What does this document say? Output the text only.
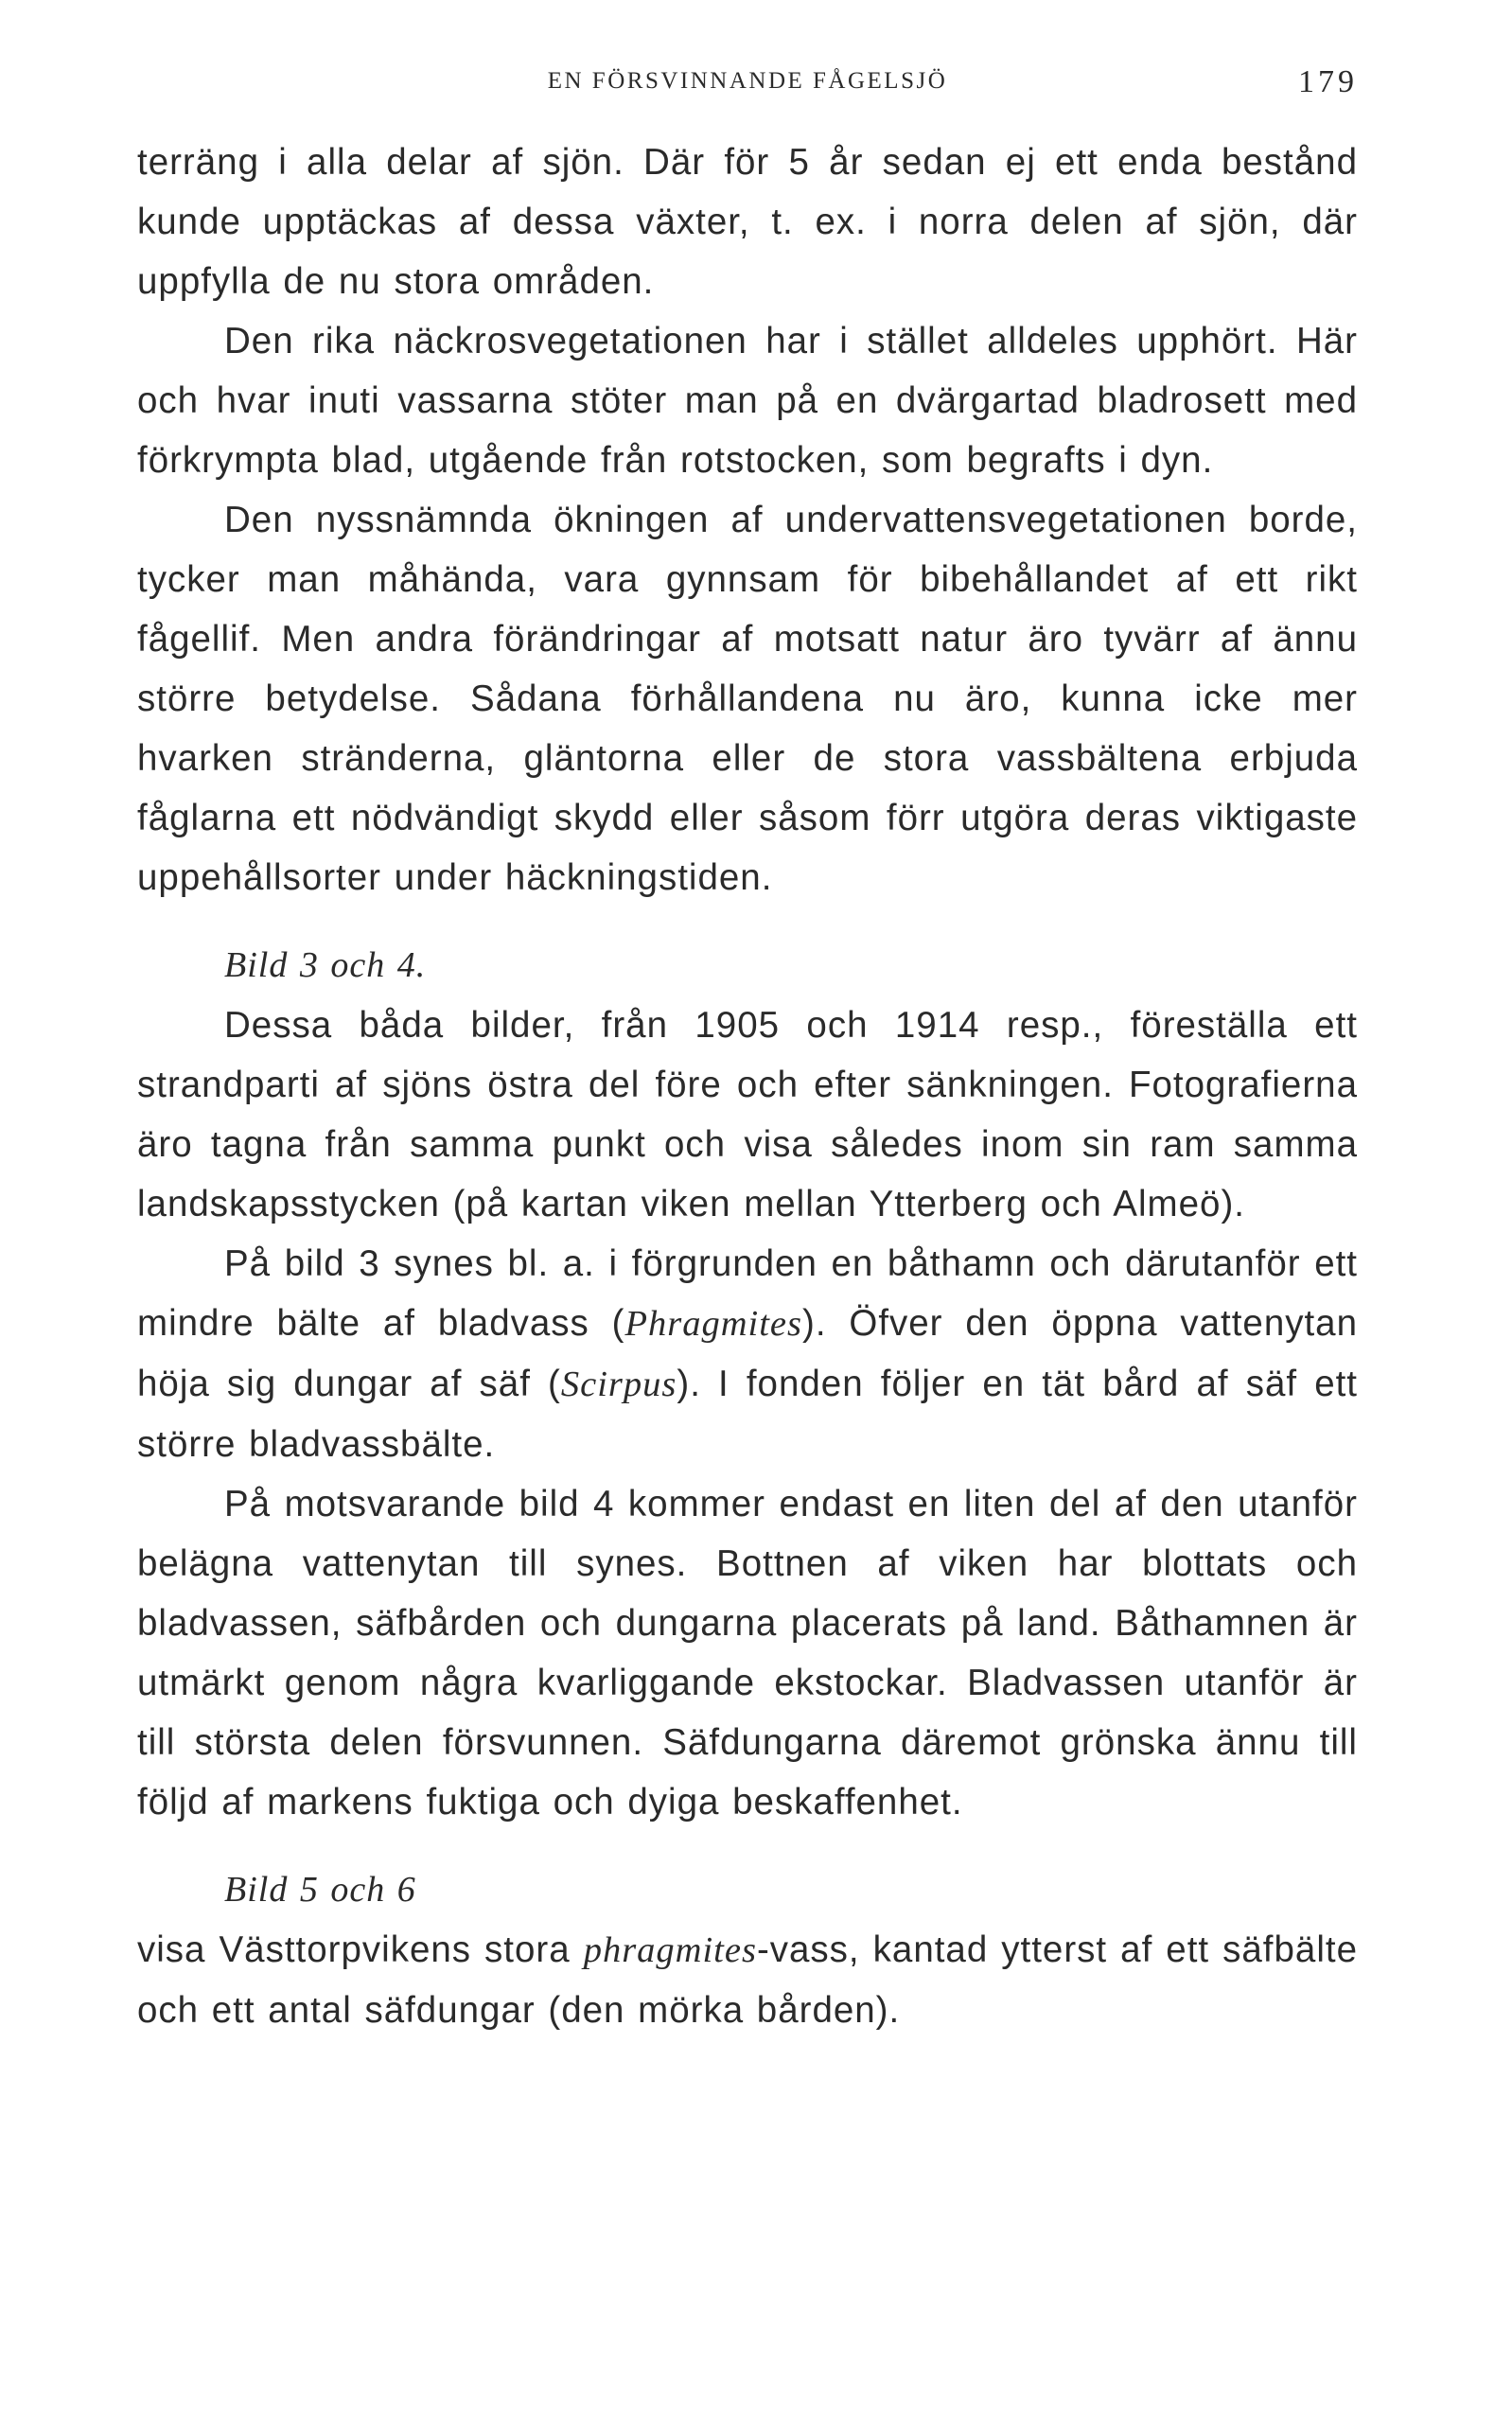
EN FÖRSVINNANDE FÅGELSJÖ	179

terräng i alla delar af sjön. Där för 5 år sedan ej ett enda bestånd kunde upptäckas af dessa växter, t. ex. i norra delen af sjön, där uppfylla de nu stora områden.

Den rika näckrosvegetationen har i stället alldeles upphört. Här och hvar inuti vassarna stöter man på en dvärgartad bladrosett med förkrympta blad, utgående från rotstocken, som begrafts i dyn.

Den nyssnämnda ökningen af undervattensvegetationen borde, tycker man måhända, vara gynnsam för bibehållandet af ett rikt fågellif. Men andra förändringar af motsatt natur äro tyvärr af ännu större betydelse. Sådana förhållandena nu äro, kunna icke mer hvarken stränderna, gläntorna eller de stora vassbältena erbjuda fåglarna ett nödvändigt skydd eller såsom förr utgöra deras viktigaste uppehållsorter under häckningstiden.

Bild 3 och 4.

Dessa båda bilder, från 1905 och 1914 resp., föreställa ett strandparti af sjöns östra del före och efter sänkningen. Fotografierna äro tagna från samma punkt och visa således inom sin ram samma landskapsstycken (på kartan viken mellan Ytterberg och Almeö).

På bild 3 synes bl. a. i förgrunden en båthamn och därutanför ett mindre bälte af bladvass (Phragmites). Öfver den öppna vattenytan höja sig dungar af säf (Scirpus). I fonden följer en tät bård af säf ett större bladvassbälte.

På motsvarande bild 4 kommer endast en liten del af den utanför belägna vattenytan till synes. Bottnen af viken har blottats och bladvassen, säfbården och dungarna placerats på land. Båthamnen är utmärkt genom några kvarliggande ekstockar. Bladvassen utanför är till största delen försvunnen. Säfdungarna däremot grönska ännu till följd af markens fuktiga och dyiga beskaffenhet.

Bild 5 och 6

visa Västtorpvikens stora phragmites-vass, kantad ytterst af ett säfbälte och ett antal säfdungar (den mörka bården).
